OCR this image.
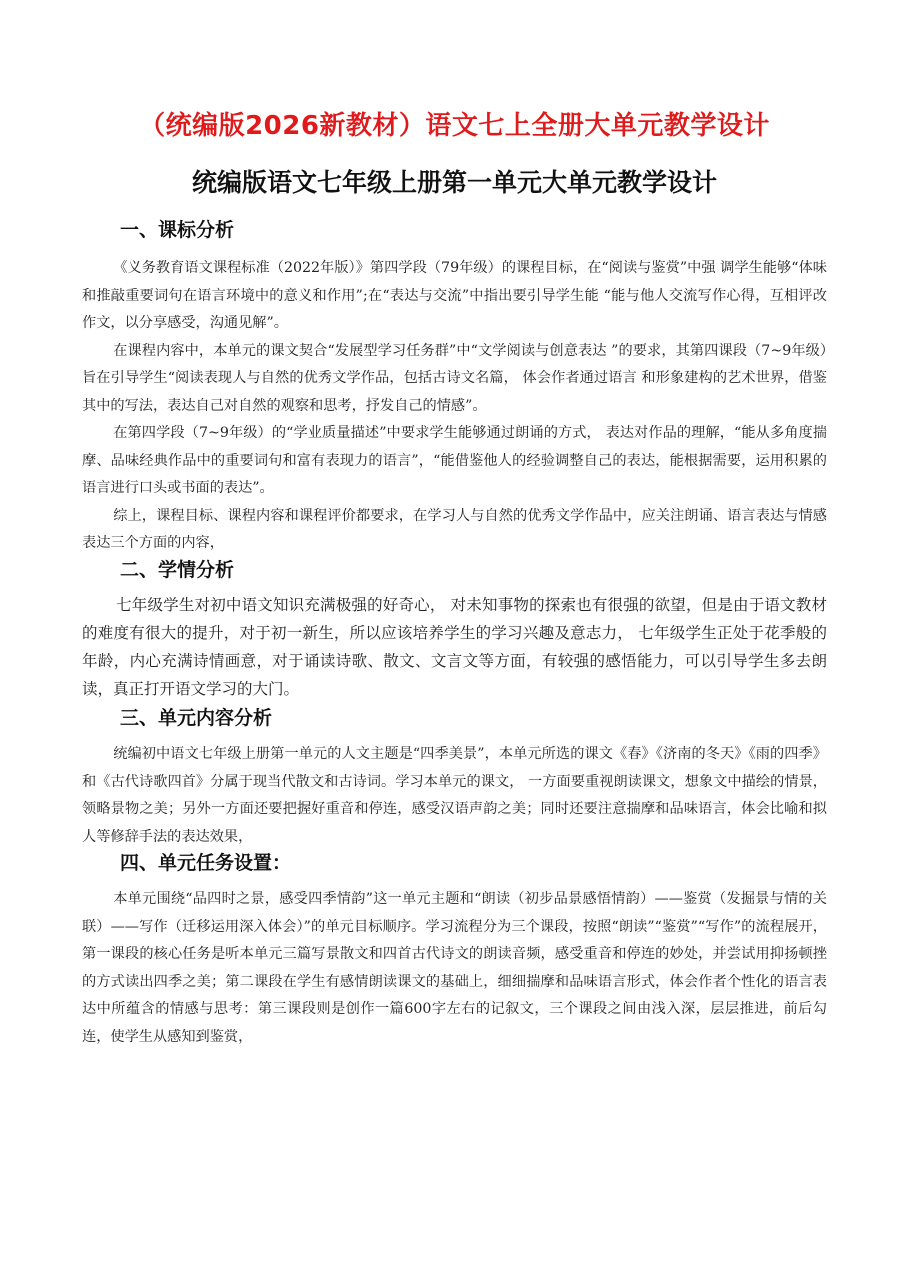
（统编版2026新教材）语文七上全册大单元教学设计
统编版语文七年级上册第一单元大单元教学设计
一、课标分析

《义务教育语文课程标准（2022年版）》第四学段（79年级）的课程目标，在“阅读与鉴赏”中强 调学生能够“体味和推敲重要词句在语言环境中的意义和作用”;在“表达与交流”中指出要引导学生能 “能与他人交流写作心得，互相评改作文，以分享感受，沟通见解”。

在课程内容中，本单元的课文契合“发展型学习任务群”中“文学阅读与创意表达 ”的要求，其第四课段（7~9年级）旨在引导学生“阅读表现人与自然的优秀文学作品，包括古诗文名篇， 体会作者通过语言 和形象建构的艺术世界，借鉴其中的写法，表达自己对自然的观察和思考，抒发自己的情感”。

在第四学段（7~9年级）的“学业质量描述”中要求学生能够通过朗诵的方式， 表达对作品的理解，“能从多角度揣摩、品味经典作品中的重要词句和富有表现力的语言”，“能借鉴他人的经验调整自己的表达，能根据需要，运用积累的语言进行口头或书面的表达”。

综上，课程目标、课程内容和课程评价都要求，在学习人与自然的优秀文学作品中，应关注朗诵、语言表达与情感表达三个方面的内容，

二、学情分析

七年级学生对初中语文知识充满极强的好奇心， 对未知事物的探索也有很强的欲望，但是由于语文教材的难度有很大的提升，对于初一新生，所以应该培养学生的学习兴趣及意志力， 七年级学生正处于花季般的年龄，内心充满诗情画意，对于诵读诗歌、散文、文言文等方面，有较强的感悟能力，可以引导学生多去朗读，真正打开语文学习的大门。

三、单元内容分析

统编初中语文七年级上册第一单元的人文主题是“四季美景”，本单元所选的课文《春》《济南的冬天》《雨的四季》和《古代诗歌四首》分属于现当代散文和古诗词。学习本单元的课文， 一方面要重视朗读课文，想象文中描绘的情景，领略景物之美；另外一方面还要把握好重音和停连，感受汉语声韵之美；同时还要注意揣摩和品味语言，体会比喻和拟人等修辞手法的表达效果，

四、单元任务设置：

本单元围绕“品四时之景，感受四季情韵”这一单元主题和“朗读（初步品景感悟情韵）——鉴赏（发掘景与情的关联）——写作（迁移运用深入体会）”的单元目标顺序。学习流程分为三个课段，按照“朗读”“鉴赏”“写作”的流程展开，第一课段的核心任务是听本单元三篇写景散文和四首古代诗文的朗读音频，感受重音和停连的妙处，并尝试用抑扬顿挫的方式读出四季之美；第二课段在学生有感情朗读课文的基础上，细细揣摩和品味语言形式，体会作者个性化的语言表达中所蕴含的情感与思考：第三课段则是创作一篇600字左右的记叙文，三个课段之间由浅入深，层层推进，前后勾连，使学生从感知到鉴赏，
